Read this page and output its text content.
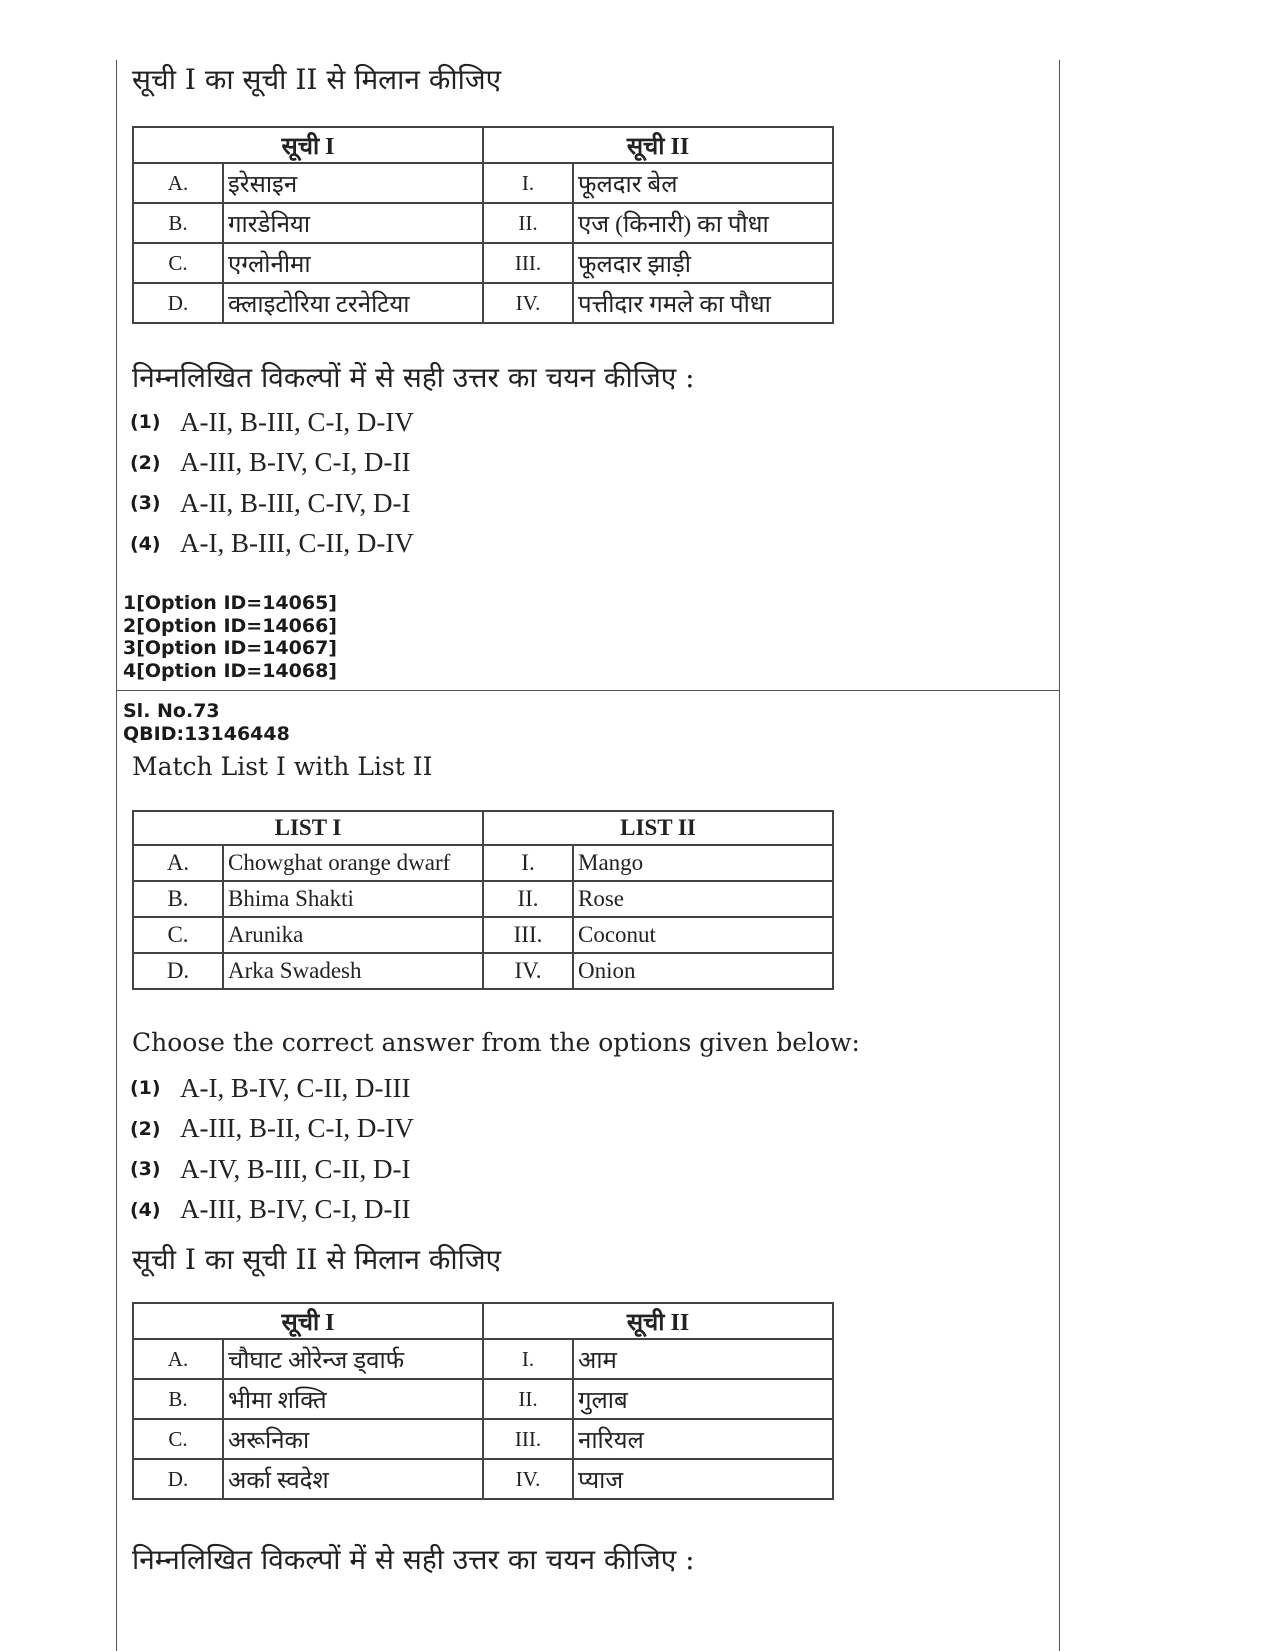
सूची I का सूची II से मिलान कीजिए
सूची I		सूची II	
A.	इरेसाइन	I.	फूलदार बेल
B.	गारडेनिया	II.	एज (किनारी) का पौधा
C.	एग्लोनीमा	III.	फूलदार झाड़ी
D.	क्लाइटोरिया टरनेटिया	IV.	पत्तीदार गमले का पौधा
निम्नलिखित विकल्पों में से सही उत्तर का चयन कीजिए :
(1) A-II, B-III, C-I, D-IV
(2) A-III, B-IV, C-I, D-II
(3) A-II, B-III, C-IV, D-I
(4) A-I, B-III, C-II, D-IV
1[Option ID=14065]
2[Option ID=14066]
3[Option ID=14067]
4[Option ID=14068]
Sl. No.73
QBID:13146448
Match List I with List II
LIST I		LIST II	
A.	Chowghat orange dwarf	I.	Mango
B.	Bhima Shakti	II.	Rose
C.	Arunika	III.	Coconut
D.	Arka Swadesh	IV.	Onion
Choose the correct answer from the options given below:
(1) A-I, B-IV, C-II, D-III
(2) A-III, B-II, C-I, D-IV
(3) A-IV, B-III, C-II, D-I
(4) A-III, B-IV, C-I, D-II
सूची I का सूची II से मिलान कीजिए
सूची I		सूची II	
A.	चौघाट ओरेन्ज ड्वार्फ	I.	आम
B.	भीमा शक्ति	II.	गुलाब
C.	अरूनिका	III.	नारियल
D.	अर्का स्वदेश	IV.	प्याज
निम्नलिखित विकल्पों में से सही उत्तर का चयन कीजिए :
